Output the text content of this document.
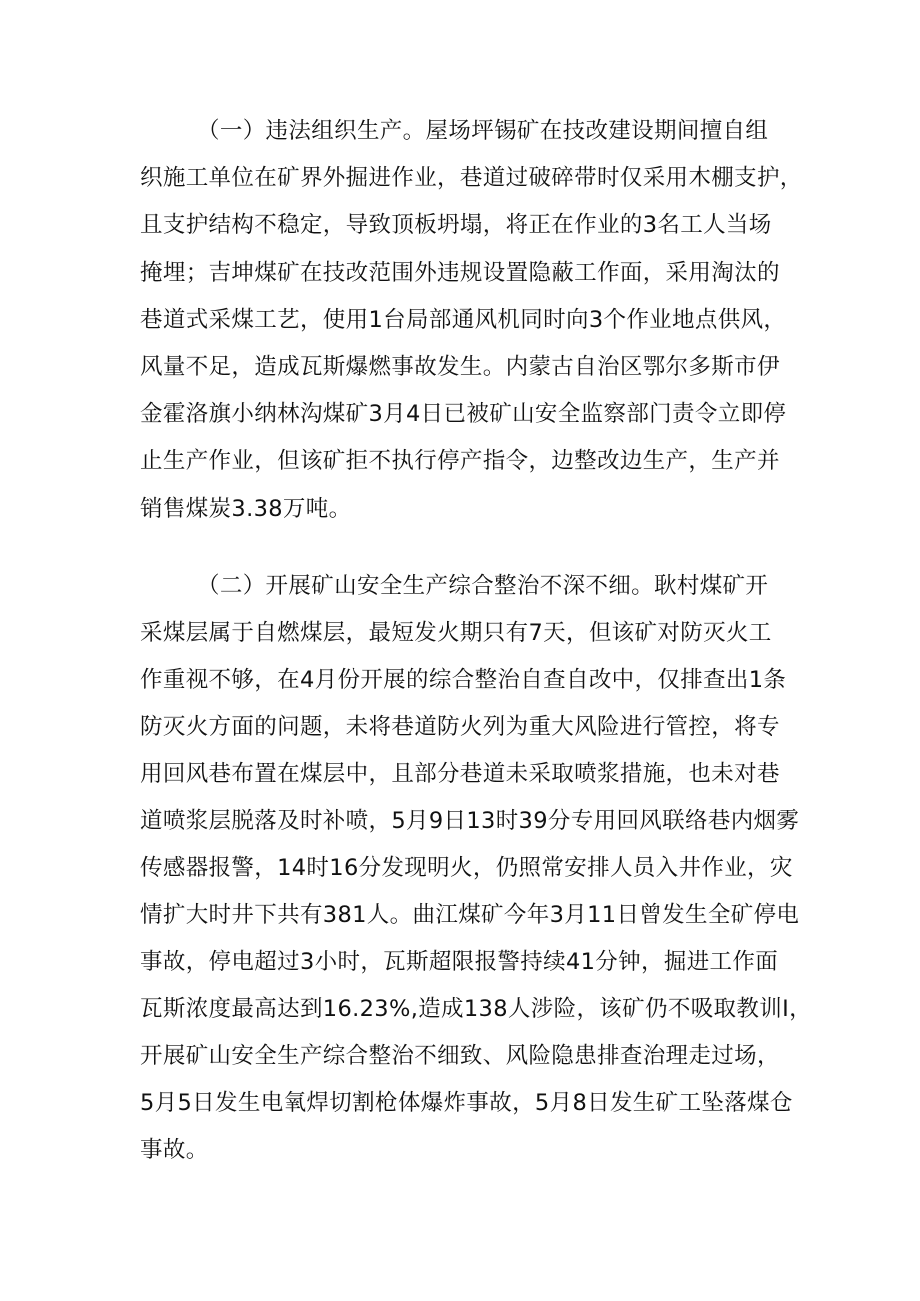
（一）违法组织生产。屋场坪锡矿在技改建设期间擅自组
织施工单位在矿界外掘进作业，巷道过破碎带时仅采用木棚支护，
且支护结构不稳定，导致顶板坍塌，将正在作业的3名工人当场
掩埋；吉坤煤矿在技改范围外违规设置隐蔽工作面，采用淘汰的
巷道式采煤工艺，使用1台局部通风机同时向3个作业地点供风，
风量不足，造成瓦斯爆燃事故发生。内蒙古自治区鄂尔多斯市伊
金霍洛旗小纳林沟煤矿3月4日已被矿山安全监察部门责令立即停
止生产作业，但该矿拒不执行停产指令，边整改边生产，生产并
销售煤炭3.38万吨。
（二）开展矿山安全生产综合整治不深不细。耿村煤矿开
采煤层属于自燃煤层，最短发火期只有7天，但该矿对防灭火工
作重视不够，在4月份开展的综合整治自查自改中，仅排查出1条
防灭火方面的问题，未将巷道防火列为重大风险进行管控，将专
用回风巷布置在煤层中，且部分巷道未采取喷浆措施，也未对巷
道喷浆层脱落及时补喷，5月9日13时39分专用回风联络巷内烟雾
传感器报警，14时16分发现明火，仍照常安排人员入井作业，灾
情扩大时井下共有381人。曲江煤矿今年3月11日曾发生全矿停电
事故，停电超过3小时，瓦斯超限报警持续41分钟，掘进工作面
瓦斯浓度最高达到16.23%,造成138人涉险，该矿仍不吸取教训I，
开展矿山安全生产综合整治不细致、风险隐患排查治理走过场，
5月5日发生电氧焊切割枪体爆炸事故，5月8日发生矿工坠落煤仓
事故。
